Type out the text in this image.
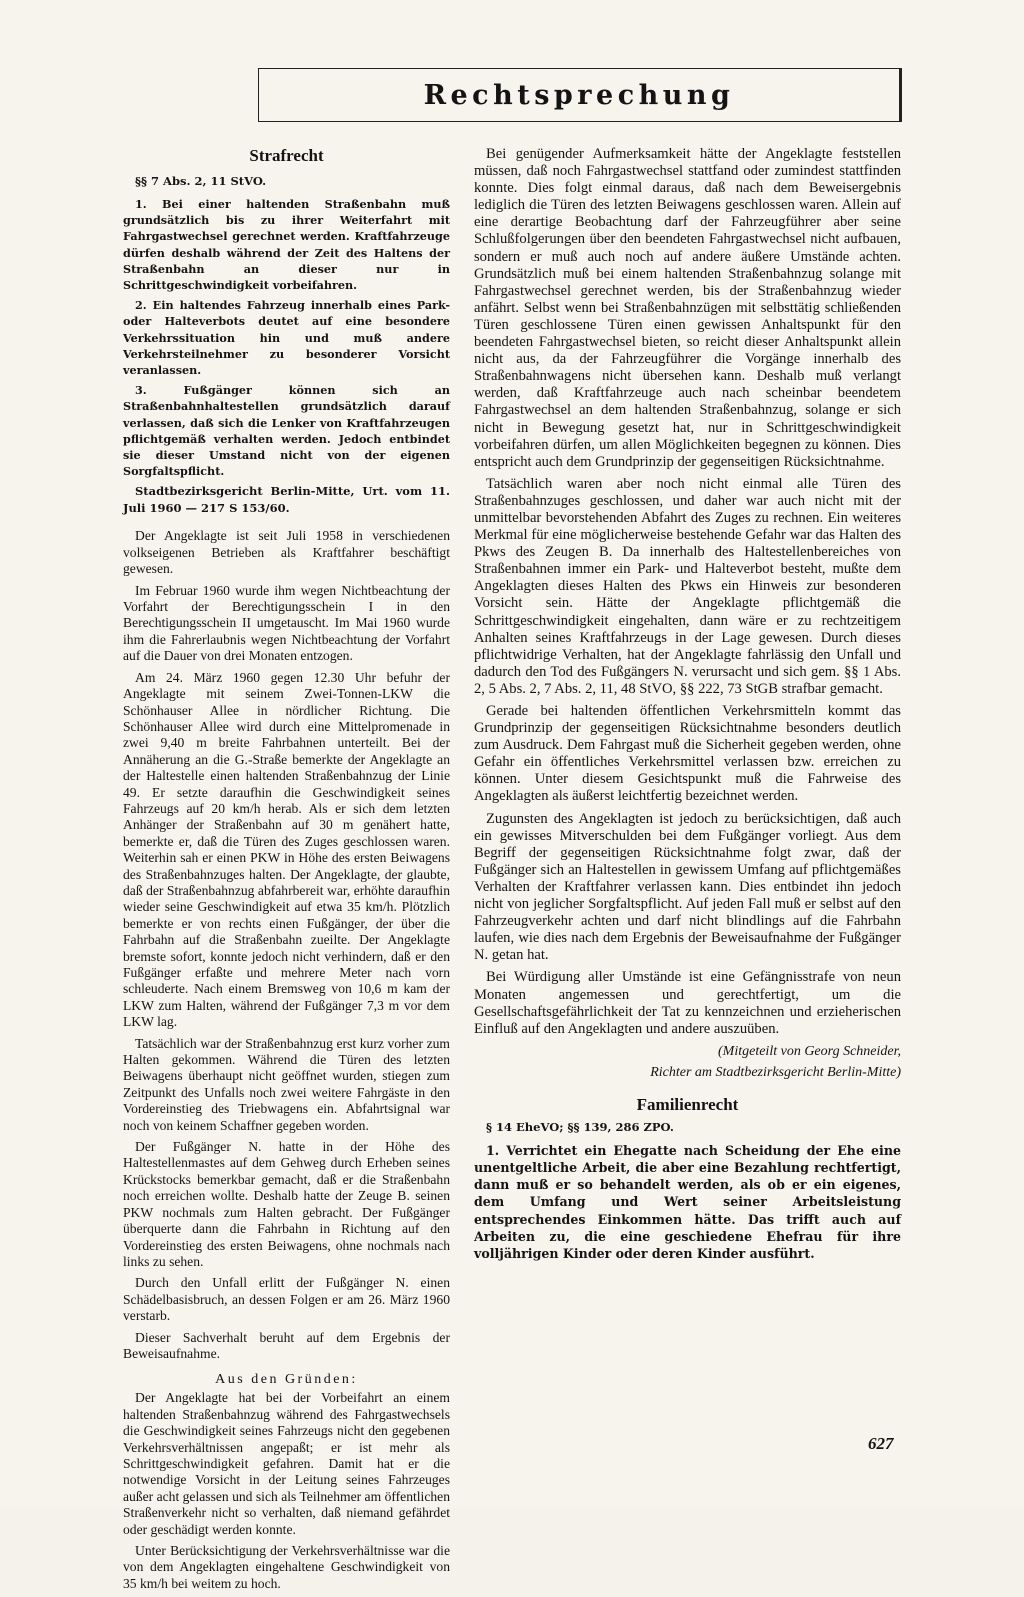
Rechtsprechung
Strafrecht
§§ 7 Abs. 2, 11 StVO.

1. Bei einer haltenden Straßenbahn muß grundsätzlich bis zu ihrer Weiterfahrt mit Fahrgastwechsel gerechnet werden. Kraftfahrzeuge dürfen deshalb während der Zeit des Haltens der Straßenbahn an dieser nur in Schrittgeschwindigkeit vorbeifahren.

2. Ein haltendes Fahrzeug innerhalb eines Park- oder Halteverbots deutet auf eine besondere Verkehrssituation hin und muß andere Verkehrsteilnehmer zu besonderer Vorsicht veranlassen.

3. Fußgänger können sich an Straßenbahnhaltestellen grundsätzlich darauf verlassen, daß sich die Lenker von Kraftfahrzeugen pflichtgemäß verhalten werden. Jedoch entbindet sie dieser Umstand nicht von der eigenen Sorgfaltspflicht.

Stadtbezirksgericht Berlin-Mitte, Urt. vom 11. Juli 1960 — 217 S 153/60.

Der Angeklagte ist seit Juli 1958 in verschiedenen volkseigenen Betrieben als Kraftfahrer beschäftigt gewesen.

Im Februar 1960 wurde ihm wegen Nichtbeachtung der Vorfahrt der Berechtigungsschein I in den Berechtigungsschein II umgetauscht. Im Mai 1960 wurde ihm die Fahrerlaubnis wegen Nichtbeachtung der Vorfahrt auf die Dauer von drei Monaten entzogen.

Am 24. März 1960 gegen 12.30 Uhr befuhr der Angeklagte mit seinem Zwei-Tonnen-LKW die Schönhauser Allee in nördlicher Richtung. Die Schönhauser Allee wird durch eine Mittelpromenade in zwei 9,40 m breite Fahrbahnen unterteilt. Bei der Annäherung an die G.-Straße bemerkte der Angeklagte an der Haltestelle einen haltenden Straßenbahnzug der Linie 49. Er setzte daraufhin die Geschwindigkeit seines Fahrzeugs auf 20 km/h herab. Als er sich dem letzten Anhänger der Straßenbahn auf 30 m genähert hatte, bemerkte er, daß die Türen des Zuges geschlossen waren. Weiterhin sah er einen PKW in Höhe des ersten Beiwagens des Straßenbahnzuges halten. Der Angeklagte, der glaubte, daß der Straßenbahnzug abfahrbereit war, erhöhte daraufhin wieder seine Geschwindigkeit auf etwa 35 km/h. Plötzlich bemerkte er von rechts einen Fußgänger, der über die Fahrbahn auf die Straßenbahn zueilte. Der Angeklagte bremste sofort, konnte jedoch nicht verhindern, daß er den Fußgänger erfaßte und mehrere Meter nach vorn schleuderte. Nach einem Bremsweg von 10,6 m kam der LKW zum Halten, während der Fußgänger 7,3 m vor dem LKW lag.

Tatsächlich war der Straßenbahnzug erst kurz vorher zum Halten gekommen. Während die Türen des letzten Beiwagens überhaupt nicht geöffnet wurden, stiegen zum Zeitpunkt des Unfalls noch zwei weitere Fahrgäste in den Vordereinstieg des Triebwagens ein. Abfahrtsignal war noch von keinem Schaffner gegeben worden.

Der Fußgänger N. hatte in der Höhe des Haltestellenmastes auf dem Gehweg durch Erheben seines Krückstocks bemerkbar gemacht, daß er die Straßenbahn noch erreichen wollte. Deshalb hatte der Zeuge B. seinen PKW nochmals zum Halten gebracht. Der Fußgänger überquerte dann die Fahrbahn in Richtung auf den Vordereinstieg des ersten Beiwagens, ohne nochmals nach links zu sehen.

Durch den Unfall erlitt der Fußgänger N. einen Schädelbasisbruch, an dessen Folgen er am 26. März 1960 verstarb.

Dieser Sachverhalt beruht auf dem Ergebnis der Beweisaufnahme.

Aus den Gründen:

Der Angeklagte hat bei der Vorbeifahrt an einem haltenden Straßenbahnzug während des Fahrgastwechsels die Geschwindigkeit seines Fahrzeugs nicht den gegebenen Verkehrsverhältnissen angepaßt; er ist mehr als Schrittgeschwindigkeit gefahren. Damit hat er die notwendige Vorsicht in der Leitung seines Fahrzeuges außer acht gelassen und sich als Teilnehmer am öffentlichen Straßenverkehr nicht so verhalten, daß niemand gefährdet oder geschädigt werden konnte.

Unter Berücksichtigung der Verkehrsverhältnisse war die von dem Angeklagten eingehaltene Geschwindigkeit von 35 km/h bei weitem zu hoch.

Bei genügender Aufmerksamkeit hätte der Angeklagte feststellen müssen, daß noch Fahrgastwechsel stattfand oder zumindest stattfinden konnte. Dies folgt einmal daraus, daß nach dem Beweisergebnis lediglich die Türen des letzten Beiwagens geschlossen waren. Allein auf eine derartige Beobachtung darf der Fahrzeugführer aber seine Schlußfolgerungen über den beendeten Fahrgastwechsel nicht aufbauen, sondern er muß auch noch auf andere äußere Umstände achten. Grundsätzlich muß bei einem haltenden Straßenbahnzug solange mit Fahrgastwechsel gerechnet werden, bis der Straßenbahnzug wieder anfährt. Selbst wenn bei Straßenbahnzügen mit selbsttätig schließenden Türen geschlossene Türen einen gewissen Anhaltspunkt für den beendeten Fahrgastwechsel bieten, so reicht dieser Anhaltspunkt allein nicht aus, da der Fahrzeugführer die Vorgänge innerhalb des Straßenbahnwagens nicht übersehen kann. Deshalb muß verlangt werden, daß Kraftfahrzeuge auch nach scheinbar beendetem Fahrgastwechsel an dem haltenden Straßenbahnzug, solange er sich nicht in Bewegung gesetzt hat, nur in Schrittgeschwindigkeit vorbeifahren dürfen, um allen Möglichkeiten begegnen zu können. Dies entspricht auch dem Grundprinzip der gegenseitigen Rücksichtnahme.

Tatsächlich waren aber noch nicht einmal alle Türen des Straßenbahnzuges geschlossen, und daher war auch nicht mit der unmittelbar bevorstehenden Abfahrt des Zuges zu rechnen. Ein weiteres Merkmal für eine möglicherweise bestehende Gefahr war das Halten des Pkws des Zeugen B. Da innerhalb des Haltestellenbereiches von Straßenbahnen immer ein Park- und Halteverbot besteht, mußte dem Angeklagten dieses Halten des Pkws ein Hinweis zur besonderen Vorsicht sein. Hätte der Angeklagte pflichtgemäß die Schrittgeschwindigkeit eingehalten, dann wäre er zu rechtzeitigem Anhalten seines Kraftfahrzeugs in der Lage gewesen. Durch dieses pflichtwidrige Verhalten, hat der Angeklagte fahrlässig den Unfall und dadurch den Tod des Fußgängers N. verursacht und sich gem. §§ 1 Abs. 2, 5 Abs. 2, 7 Abs. 2, 11, 48 StVO, §§ 222, 73 StGB strafbar gemacht.

Gerade bei haltenden öffentlichen Verkehrsmitteln kommt das Grundprinzip der gegenseitigen Rücksichtnahme besonders deutlich zum Ausdruck. Dem Fahrgast muß die Sicherheit gegeben werden, ohne Gefahr ein öffentliches Verkehrsmittel verlassen bzw. erreichen zu können. Unter diesem Gesichtspunkt muß die Fahrweise des Angeklagten als äußerst leichtfertig bezeichnet werden.

Zugunsten des Angeklagten ist jedoch zu berücksichtigen, daß auch ein gewisses Mitverschulden bei dem Fußgänger vorliegt. Aus dem Begriff der gegenseitigen Rücksichtnahme folgt zwar, daß der Fußgänger sich an Haltestellen in gewissem Umfang auf pflichtgemäßes Verhalten der Kraftfahrer verlassen kann. Dies entbindet ihn jedoch nicht von jeglicher Sorgfaltspflicht. Auf jeden Fall muß er selbst auf den Fahrzeugverkehr achten und darf nicht blindlings auf die Fahrbahn laufen, wie dies nach dem Ergebnis der Beweisaufnahme der Fußgänger N. getan hat.

Bei Würdigung aller Umstände ist eine Gefängnisstrafe von neun Monaten angemessen und gerechtfertigt, um die Gesellschaftsgefährlichkeit der Tat zu kennzeichnen und erzieherischen Einfluß auf den Angeklagten und andere auszuüben.

(Mitgeteilt von Georg Schneider,
Richter am Stadtbezirksgericht Berlin-Mitte)
Familienrecht
§ 14 EheVO; §§ 139, 286 ZPO.

1. Verrichtet ein Ehegatte nach Scheidung der Ehe eine unentgeltliche Arbeit, die aber eine Bezahlung rechtfertigt, dann muß er so behandelt werden, als ob er ein eigenes, dem Umfang und Wert seiner Arbeitsleistung entsprechendes Einkommen hätte. Das trifft auch auf Arbeiten zu, die eine geschiedene Ehefrau für ihre volljährigen Kinder oder deren Kinder ausführt.

627
